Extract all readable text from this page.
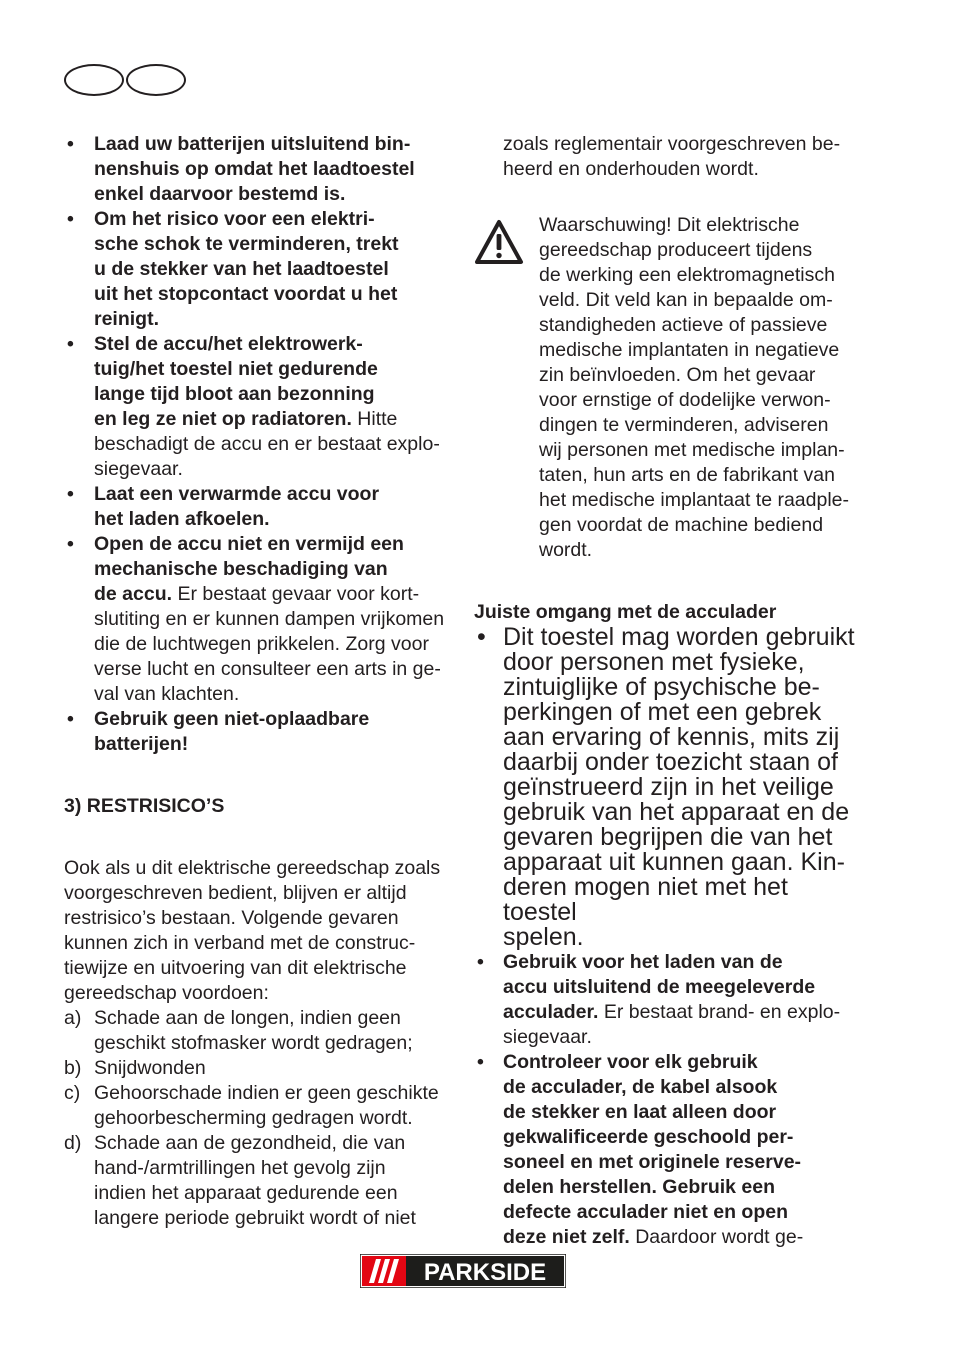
• Laad uw batterijen uitsluitend bin-
nenshuis op omdat het laadtoestel
enkel daarvoor bestemd is.
• Om het risico voor een elektri-
sche schok te verminderen, trekt
u de stekker van het laadtoestel
uit het stopcontact voordat u het
reinigt.
• Stel de accu/het elektrowerk-
tuig/het toestel niet gedurende
lange tijd bloot aan bezonning
en leg ze niet op radiatoren. Hitte
beschadigt de accu en er bestaat explo-
siegevaar.
• Laat een verwarmde accu voor
het laden afkoelen.
• Open de accu niet en vermijd een
mechanische beschadiging van
de accu. Er bestaat gevaar voor kort-
slutiting en er kunnen dampen vrijkomen
die de luchtwegen prikkelen. Zorg voor
verse lucht en consulteer een arts in ge-
val van klachten.
• Gebruik geen niet-oplaadbare
batterijen!

3) RESTRISICO’S

Ook als u dit elektrische gereedschap zoals
voorgeschreven bedient, blijven er altijd
restrisico’s bestaan. Volgende gevaren
kunnen zich in verband met de construc-
tiewijze en uitvoering van dit elektrische
gereedschap voordoen:

a) Schade aan de longen, indien geen
geschikt stofmasker wordt gedragen;
b) Snijdwonden
c) Gehoorschade indien er geen geschikte
gehoorbescherming gedragen wordt.
d) Schade aan de gezondheid, die van
hand-/armtrillingen het gevolg zijn
indien het apparaat gedurende een
langere periode gebruikt wordt of niet

zoals reglementair voorgeschreven be-
heerd en onderhouden wordt.

Waarschuwing! Dit elektrische
gereedschap produceert tijdens
de werking een elektromagnetisch
veld. Dit veld kan in bepaalde om-
standigheden actieve of passieve
medische implantaten in negatieve
zin beïnvloeden. Om het gevaar
voor ernstige of dodelijke verwon-
dingen te verminderen, adviseren
wij personen met medische implan-
taten, hun arts en de fabrikant van
het medische implantaat te raadple-
gen voordat de machine bediend
wordt.

Juiste omgang met de acculader

• Dit toestel mag worden gebruikt
door personen met fysieke,
zintuiglijke of psychische be-
perkingen of met een gebrek
aan ervaring of kennis, mits zij
daarbij onder toezicht staan of
geïnstrueerd zijn in het veilige
gebruik van het apparaat en de
gevaren begrijpen die van het
apparaat uit kunnen gaan. Kin-
deren mogen niet met het toestel
spelen.
• Gebruik voor het laden van de
accu uitsluitend de meegeleverde
acculader. Er bestaat brand- en explo-
siegevaar.
• Controleer voor elk gebruik
de acculader, de kabel alsook
de stekker en laat alleen door
gekwalificeerde geschoold per-
soneel en met originele reserve-
delen herstellen. Gebruik een
defecte acculader niet en open
deze niet zelf. Daardoor wordt ge-
PARKSIDE
